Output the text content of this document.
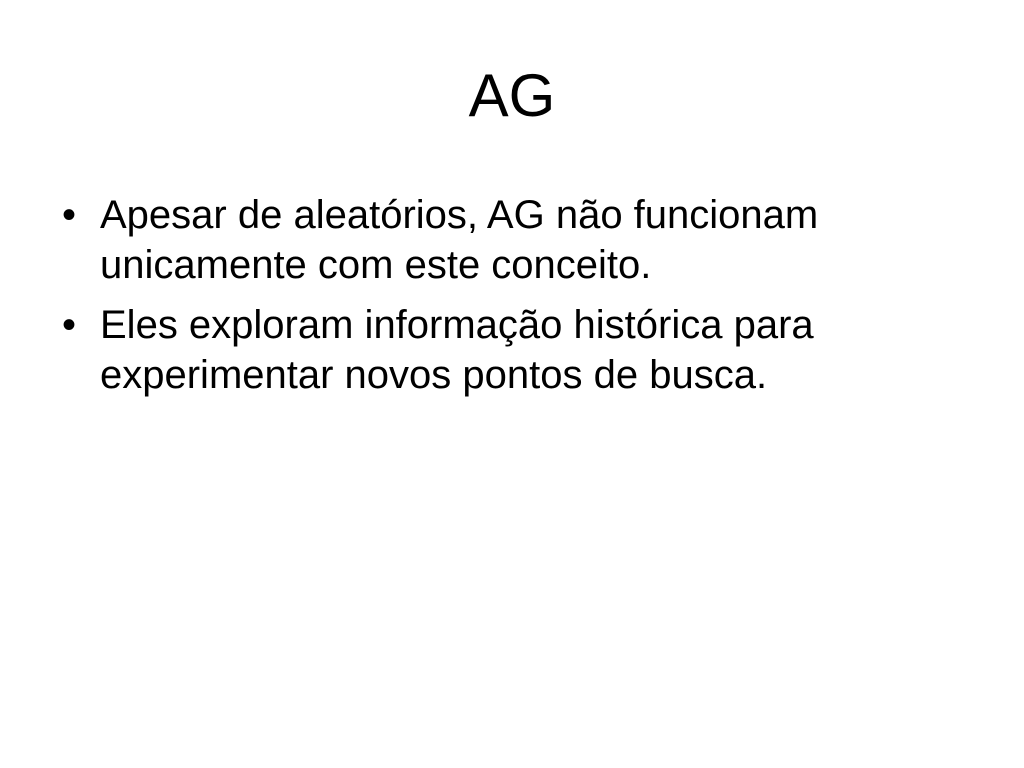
AG
• Apesar de aleatórios, AG não funcionam unicamente com este conceito.
• Eles exploram informação histórica para experimentar novos pontos de busca.
